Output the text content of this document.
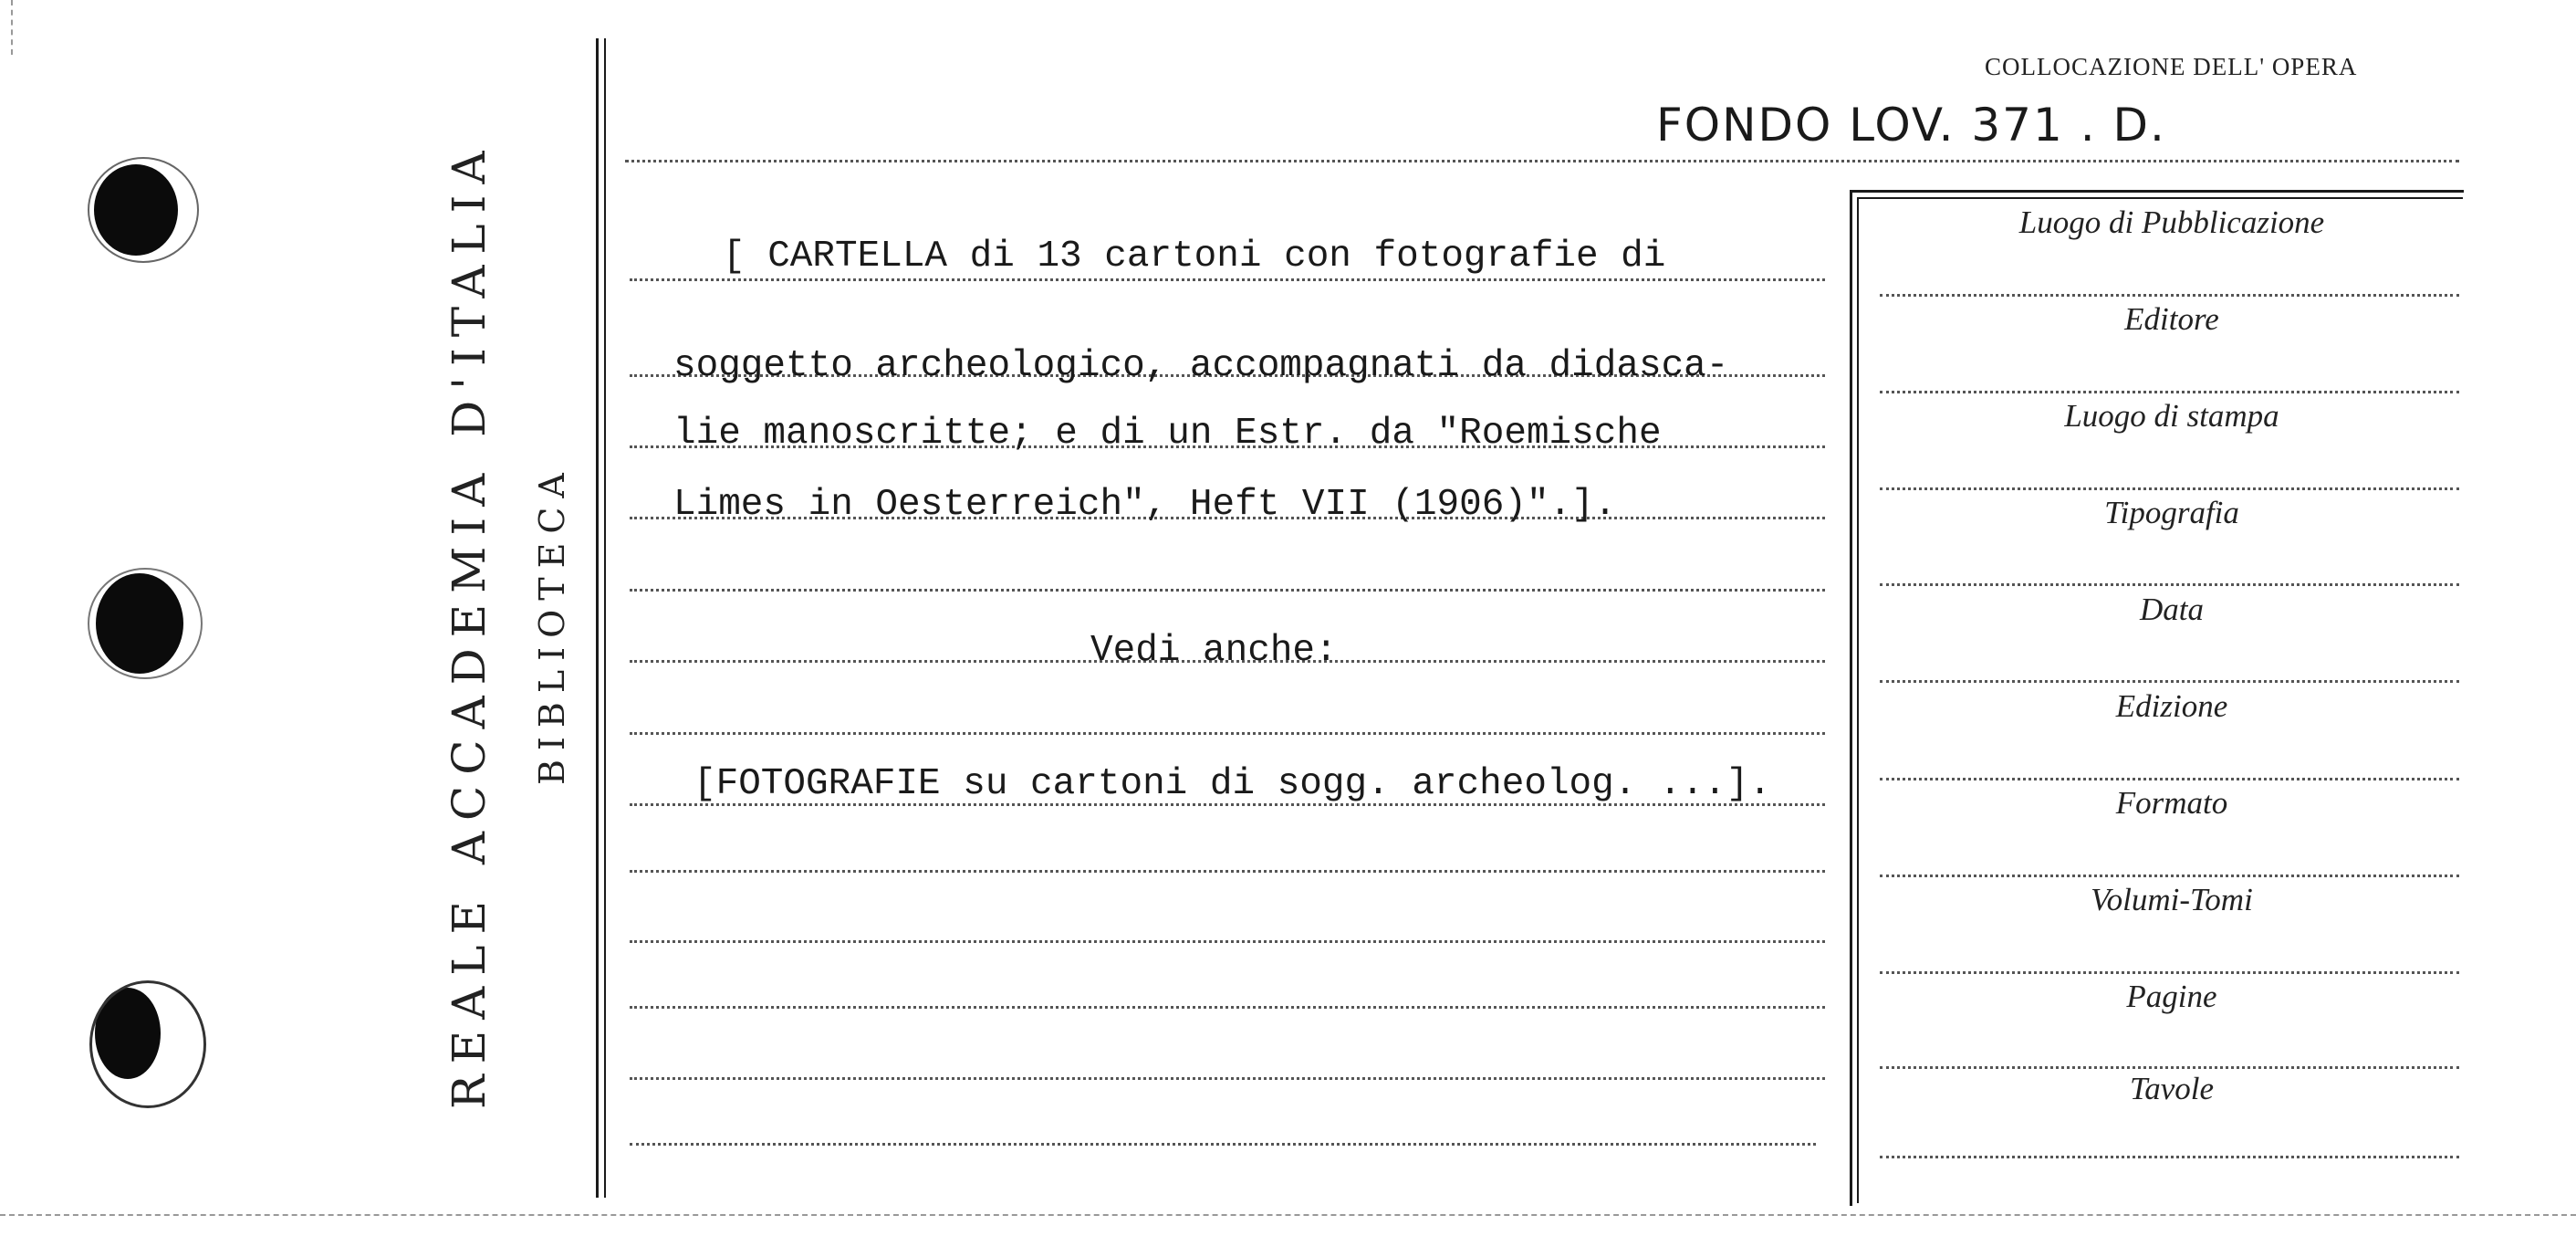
REALE ACCADEMIA D'ITALIA BIBLIOTECA
COLLOCAZIONE DELL' OPERA
FONDO LOV. 371 . D.
[ CARTELLA di 13 cartoni con fotografie di
soggetto archeologico, accompagnati da didasca-
lie manoscritte; e di un Estr. da "Roemische
Limes in Oesterreich", Heft VII (1906)".].
Vedi anche:
[FOTOGRAFIE su cartoni di sogg. archeolog. ...].
Luogo di Pubblicazione
Editore
Luogo di stampa
Tipografia
Data
Edizione
Formato
Volumi-Tomi
Pagine
Tavole
